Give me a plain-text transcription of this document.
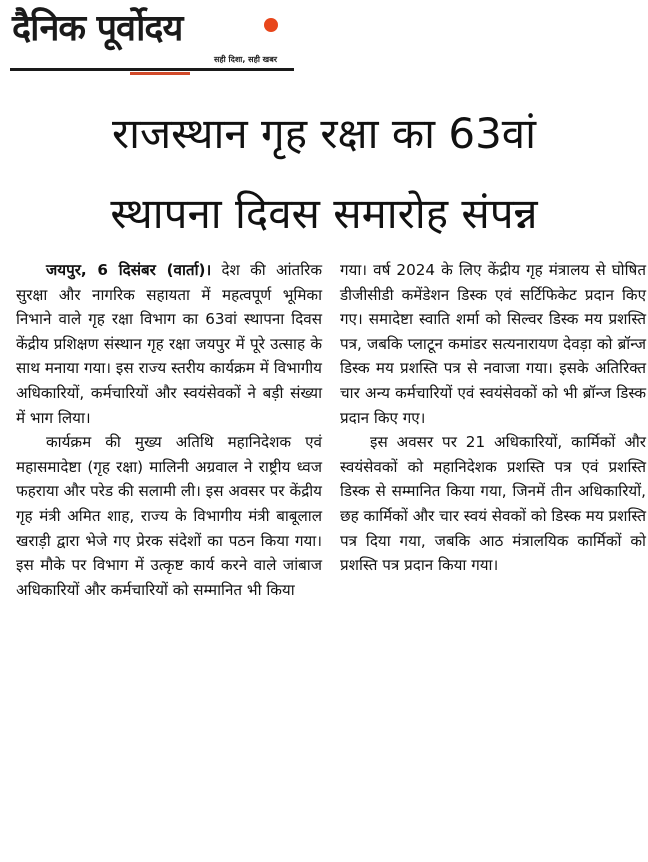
दैनिक पूर्वोदय
सही दिशा, सही खबर
राजस्थान गृह रक्षा का 63वां
स्थापना दिवस समारोह संपन्न

जयपुर, 6 दिसंबर (वार्ता)। देश की आंतरिक सुरक्षा और नागरिक सहायता में महत्वपूर्ण भूमिका निभाने वाले गृह रक्षा विभाग का 63वां स्थापना दिवस केंद्रीय प्रशिक्षण संस्थान गृह रक्षा जयपुर में पूरे उत्साह के साथ मनाया गया। इस राज्य स्तरीय कार्यक्रम में विभागीय अधिकारियों, कर्मचारियों और स्वयंसेवकों ने बड़ी संख्या में भाग लिया।

कार्यक्रम की मुख्य अतिथि महानिदेशक एवं महासमादेष्टा (गृह रक्षा) मालिनी अग्रवाल ने राष्ट्रीय ध्वज फहराया और परेड की सलामी ली। इस अवसर पर केंद्रीय गृह मंत्री अमित शाह, राज्य के विभागीय मंत्री बाबूलाल खराड़ी द्वारा भेजे गए प्रेरक संदेशों का पठन किया गया। इस मौके पर विभाग में उत्कृष्ट कार्य करने वाले जांबाज अधिकारियों और कर्मचारियों को सम्मानित भी किया

गया। वर्ष 2024 के लिए केंद्रीय गृह मंत्रालय से घोषित डीजीसीडी कमेंडेशन डिस्क एवं सर्टिफिकेट प्रदान किए गए। समादेष्टा स्वाति शर्मा को सिल्वर डिस्क मय प्रशस्ति पत्र, जबकि प्लाटून कमांडर सत्यनारायण देवड़ा को ब्रॉन्ज डिस्क मय प्रशस्ति पत्र से नवाजा गया। इसके अतिरिक्त चार अन्य कर्मचारियों एवं स्वयंसेवकों को भी ब्रॉन्ज डिस्क प्रदान किए गए।

इस अवसर पर 21 अधिकारियों, कार्मिकों और स्वयंसेवकों को महानिदेशक प्रशस्ति पत्र एवं प्रशस्ति डिस्क से सम्मानित किया गया, जिनमें तीन अधिकारियों, छह कार्मिकों और चार स्वयं सेवकों को डिस्क मय प्रशस्ति पत्र दिया गया, जबकि आठ मंत्रालयिक कार्मिकों को प्रशस्ति पत्र प्रदान किया गया।
